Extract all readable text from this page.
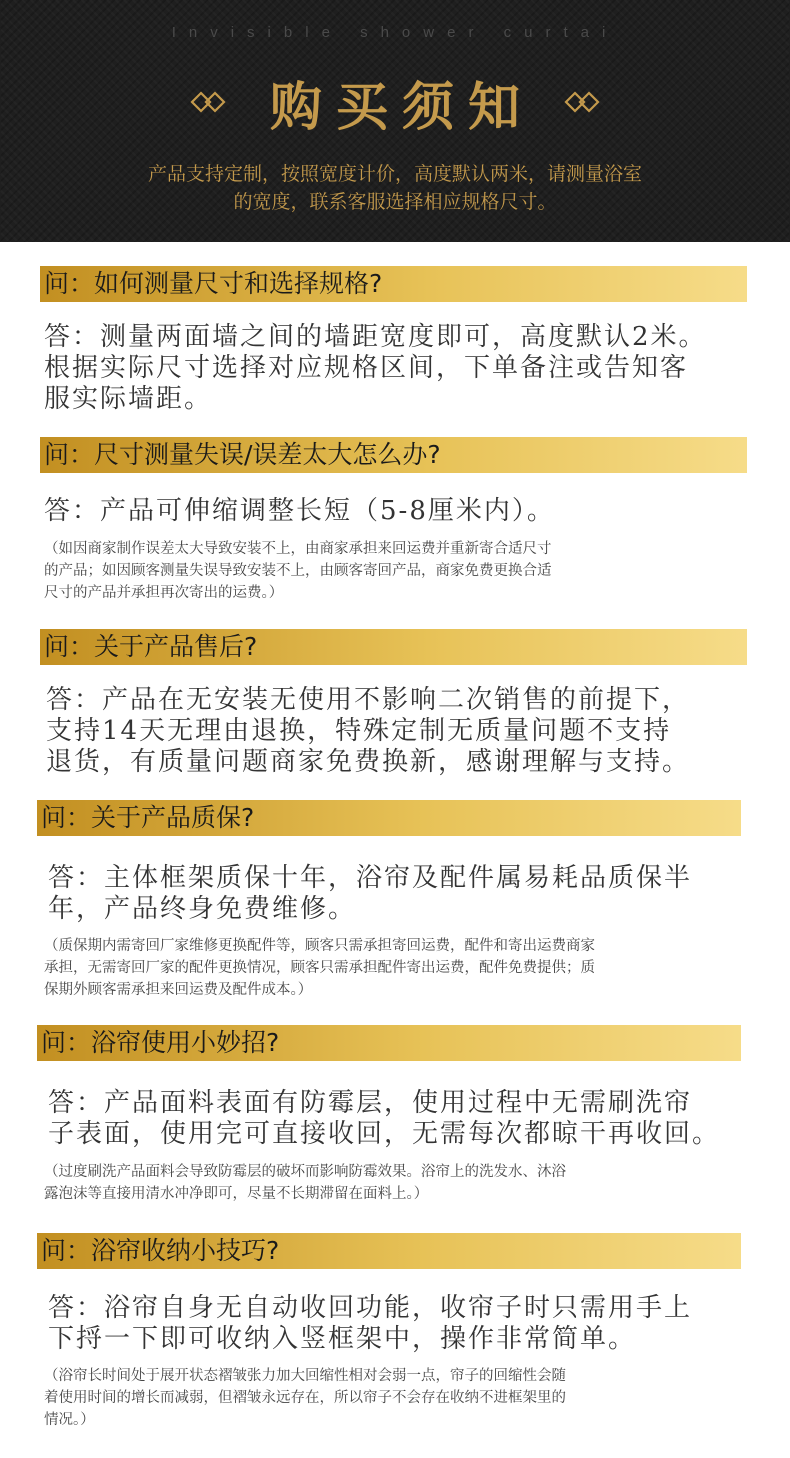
Invisible shower curtai
购买须知
产品支持定制，按照宽度计价，高度默认两米，请测量浴室
的宽度，联系客服选择相应规格尺寸。
问：如何测量尺寸和选择规格?
答：测量两面墙之间的墙距宽度即可，高度默认2米。
根据实际尺寸选择对应规格区间，下单备注或告知客
服实际墙距。
问：尺寸测量失误/误差太大怎么办?
答：产品可伸缩调整长短（5-8厘米内）。
（如因商家制作误差太大导致安装不上，由商家承担来回运费并重新寄合适尺寸
的产品；如因顾客测量失误导致安装不上，由顾客寄回产品，商家免费更换合适
尺寸的产品并承担再次寄出的运费。）
问：关于产品售后?
答：产品在无安装无使用不影响二次销售的前提下，
支持14天无理由退换，特殊定制无质量问题不支持
退货，有质量问题商家免费换新，感谢理解与支持。
问：关于产品质保?
答：主体框架质保十年，浴帘及配件属易耗品质保半
年，产品终身免费维修。
（质保期内需寄回厂家维修更换配件等，顾客只需承担寄回运费，配件和寄出运费商家
承担，无需寄回厂家的配件更换情况，顾客只需承担配件寄出运费，配件免费提供；质
保期外顾客需承担来回运费及配件成本。）
问：浴帘使用小妙招?
答：产品面料表面有防霉层，使用过程中无需刷洗帘
子表面，使用完可直接收回，无需每次都晾干再收回。
（过度刷洗产品面料会导致防霉层的破坏而影响防霉效果。浴帘上的洗发水、沐浴
露泡沫等直接用清水冲净即可，尽量不长期滞留在面料上。）
问：浴帘收纳小技巧?
答：浴帘自身无自动收回功能，收帘子时只需用手上
下捋一下即可收纳入竖框架中，操作非常简单。
（浴帘长时间处于展开状态褶皱张力加大回缩性相对会弱一点，帘子的回缩性会随
着使用时间的增长而减弱，但褶皱永远存在，所以帘子不会存在收纳不进框架里的
情况。）
